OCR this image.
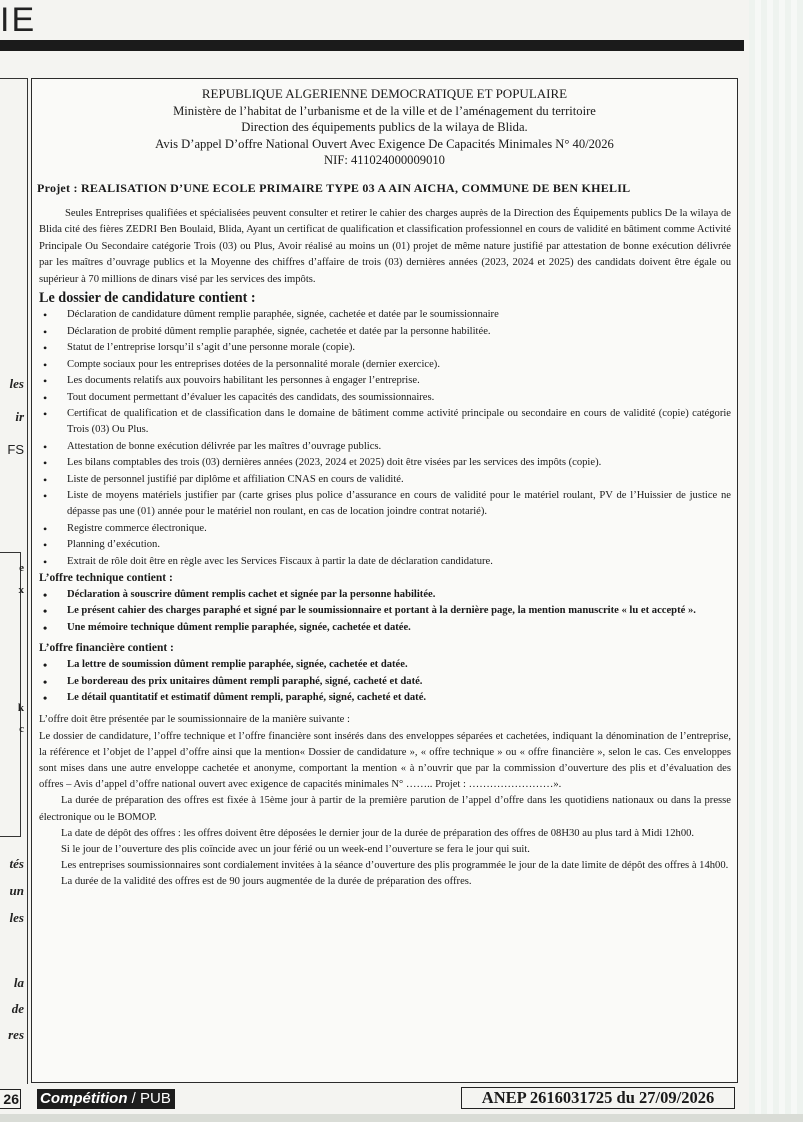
IE
les
ir
FS
e
x
k
c
tés
un
les
la
de
res
REPUBLIQUE ALGERIENNE DEMOCRATIQUE ET POPULAIRE
Ministère de l’habitat de l’urbanisme et de la ville et de l’aménagement du territoire
Direction des équipements publics de la wilaya de Blida.
Avis D’appel D’offre National Ouvert Avec Exigence De Capacités Minimales N° 40/2026
NIF: 411024000009010
Projet : REALISATION D’UNE ECOLE PRIMAIRE TYPE 03 A AIN AICHA, COMMUNE DE BEN KHELIL

Seules Entreprises qualifiées et spécialisées peuvent consulter et retirer le cahier des charges auprès de la Direction des Équipements publics De la wilaya de Blida cité des fières ZEDRI Ben Boulaid, Blida, Ayant un certificat de qualification et classification professionnel en cours de validité en bâtiment comme Activité Principale Ou Secondaire catégorie Trois (03) ou Plus, Avoir réalisé au moins un (01) projet de même nature justifié par attestation de bonne exécution délivrée par les maîtres d’ouvrage publics et la Moyenne des chiffres d’affaire de trois (03) dernières années (2023, 2024 et 2025) des candidats doivent être égale ou supérieur à 70 millions de dinars visé par les services des impôts.

Le dossier de candidature contient :
• Déclaration de candidature dûment remplie paraphée, signée, cachetée et datée par le soumissionnaire
• Déclaration de probité dûment remplie paraphée, signée, cachetée et datée par la personne habilitée.
• Statut de l’entreprise lorsqu’il s’agit d’une personne morale (copie).
• Compte sociaux pour les entreprises dotées de la personnalité morale (dernier exercice).
• Les documents relatifs aux pouvoirs habilitant les personnes à engager l’entreprise.
• Tout document permettant d’évaluer les capacités des candidats, des soumissionnaires.
• Certificat de qualification et de classification dans le domaine de bâtiment comme activité principale ou secondaire en cours de validité (copie) catégorie Trois (03) Ou Plus.
• Attestation de bonne exécution délivrée par les maîtres d’ouvrage publics.
• Les bilans comptables des trois (03) dernières années (2023, 2024 et 2025) doit être visées par les services des impôts (copie).
• Liste de personnel justifié par diplôme et affiliation CNAS en cours de validité.
• Liste de moyens matériels justifier par (carte grises plus police d’assurance en cours de validité pour le matériel roulant, PV de l’Huissier de justice ne dépasse pas une (01) année pour le matériel non roulant, en cas de location joindre contrat notarié).
• Registre commerce électronique.
• Planning d’exécution.
• Extrait de rôle doit être en règle avec les Services Fiscaux à partir la date de déclaration candidature.
L’offre technique contient :
• Déclaration à souscrire dûment remplis cachet et signée par la personne habilitée.
• Le présent cahier des charges paraphé et signé par le soumissionnaire et portant à la dernière page, la mention manuscrite « lu et accepté ».
• Une mémoire technique dûment remplie paraphée, signée, cachetée et datée.
L’offre financière contient :
• La lettre de soumission dûment remplie paraphée, signée, cachetée et datée.
• Le bordereau des prix unitaires dûment rempli paraphé, signé, cacheté et daté.
• Le détail quantitatif et estimatif dûment rempli, paraphé, signé, cacheté et daté.
L’offre doit être présentée par le soumissionnaire de la manière suivante :
Le dossier de candidature, l’offre technique et l’offre financière sont insérés dans des enveloppes séparées et cachetées, indiquant la dénomination de l’entreprise, la référence et l’objet de l’appel d’offre ainsi que la mention« Dossier de candidature », « offre technique » ou « offre financière », selon le cas. Ces enveloppes sont mises dans une autre enveloppe cachetée et anonyme, comportant la mention « à n’ouvrir que par la commission d’ouverture des plis et d’évaluation des offres – Avis d’appel d’offre national ouvert avec exigence de capacités minimales N° …….. Projet : ……………………».
La durée de préparation des offres est fixée à 15ème jour à partir de la première parution de l’appel d’offre dans les quotidiens nationaux ou dans la presse électronique ou le BOMOP.
La date de dépôt des offres : les offres doivent être déposées le dernier jour de la durée de préparation des offres de 08H30 au plus tard à Midi 12h00.
Si le jour de l’ouverture des plis coïncide avec un jour férié ou un week-end l’ouverture se fera le jour qui suit.
Les entreprises soumissionnaires sont cordialement invitées à la séance d’ouverture des plis programmée le jour de la date limite de dépôt des offres à 14h00.
La durée de la validité des offres est de 90 jours augmentée de la durée de préparation des offres.
26 Compétition / PUB	ANEP 2616031725 du 27/09/2026
